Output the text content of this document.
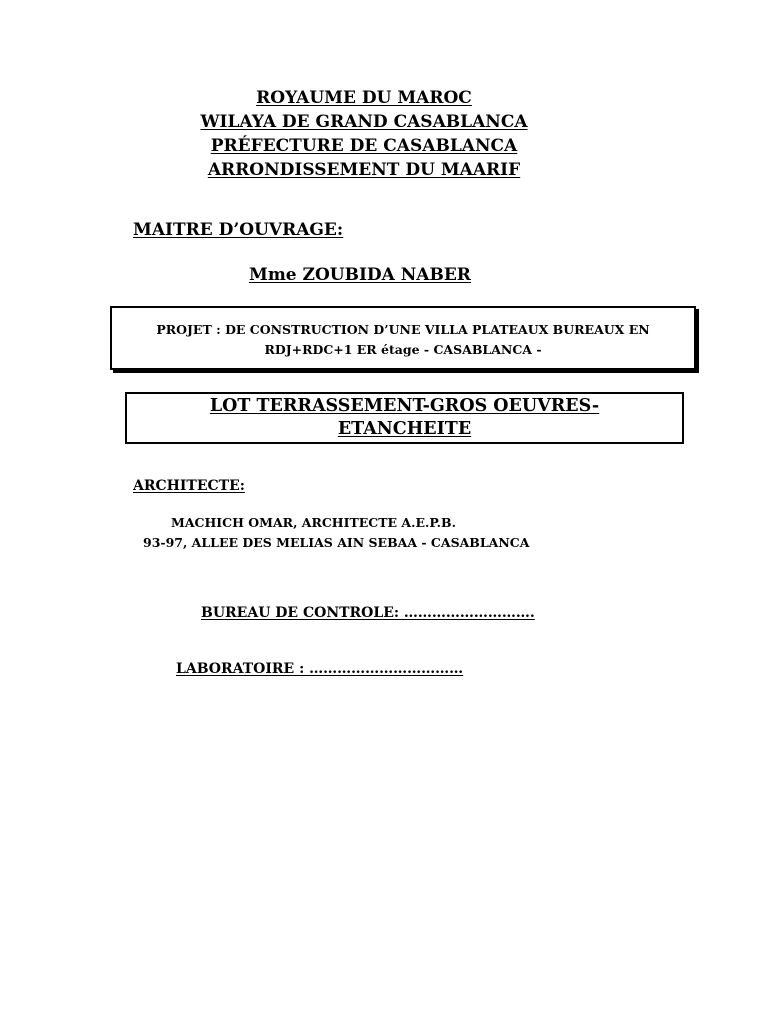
ROYAUME DU MAROC
WILAYA DE GRAND CASABLANCA
PRÉFECTURE DE CASABLANCA
ARRONDISSEMENT DU MAARIF
MAITRE D’OUVRAGE:
Mme ZOUBIDA NABER
PROJET : DE CONSTRUCTION D’UNE VILLA PLATEAUX BUREAUX EN
RDJ+RDC+1 ER étage - CASABLANCA -
LOT TERRASSEMENT-GROS OEUVRES-
ETANCHEITE
ARCHITECTE:
MACHICH OMAR, ARCHITECTE A.E.P.B.
93-97, ALLEE DES MELIAS AIN SEBAA - CASABLANCA
BUREAU DE CONTROLE: ……………………….
LABORATOIRE : ……………………………
